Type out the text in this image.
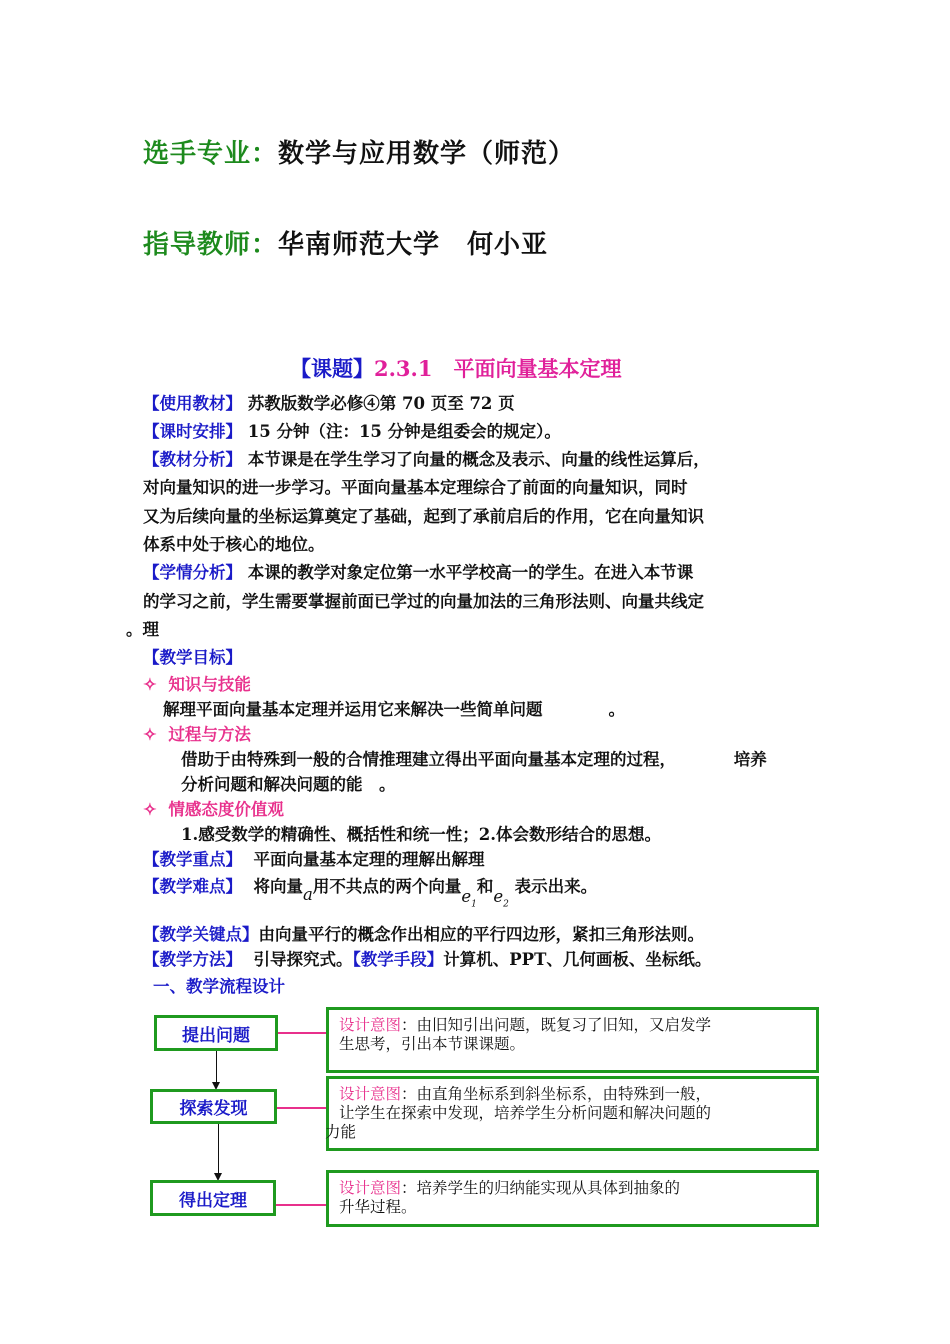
选手专业：数学与应用数学（师范）
指导教师：华南师范大学　何小亚
【课题】2.3.1　平面向量基本定理
【使用教材】 苏教版数学必修④第 70 页至 72 页
【课时安排】 15 分钟（注：15 分钟是组委会的规定）。
【教材分析】 本节课是在学生学习了向量的概念及表示、向量的线性运算后，
对向量知识的进一步学习。平面向量基本定理综合了前面的向量知识，同时
又为后续向量的坐标运算奠定了基础，起到了承前启后的作用，它在向量知识
体系中处于核心的地位。
【学情分析】 本课的教学对象定位第一水平学校高一的学生。在进入本节课
的学习之前，学生需要掌握前面已学过的向量加法的三角形法则、向量共线定
。理
【教学目标】
✧ 知识与技能
解理平面向量基本定理并运用它来解决一些简单问题　　　　。
✧ 过程与方法
借助于由特殊到一般的合情推理建立得出平面向量基本定理的过程，　　　　培养
分析问题和解决问题的能　。
✧ 情感态度价值观
1.感受数学的精确性、概括性和统一性；2.体会数形结合的思想。
【教学重点】 平面向量基本定理的理解出解理
【教学难点】 将向量a用不共点的两个向量$e_1$和$e_2$ 表示出来。
【教学关键点】由向量平行的概念作出相应的平行四边形，紧扣三角形法则。
【教学方法】 引导探究式。【教学手段】计算机、PPT、几何画板、坐标纸。
一、教学流程设计
提出问题
探索发现
得出定理
设计意图：由旧知引出问题，既复习了旧知，又启发学
生思考，引出本节课课题。
设计意图：由直角坐标系到斜坐标系，由特殊到一般，
让学生在探索中发现，培养学生分析问题和解决问题的
力能
设计意图：培养学生的归纳能实现从具体到抽象的
升华过程。
